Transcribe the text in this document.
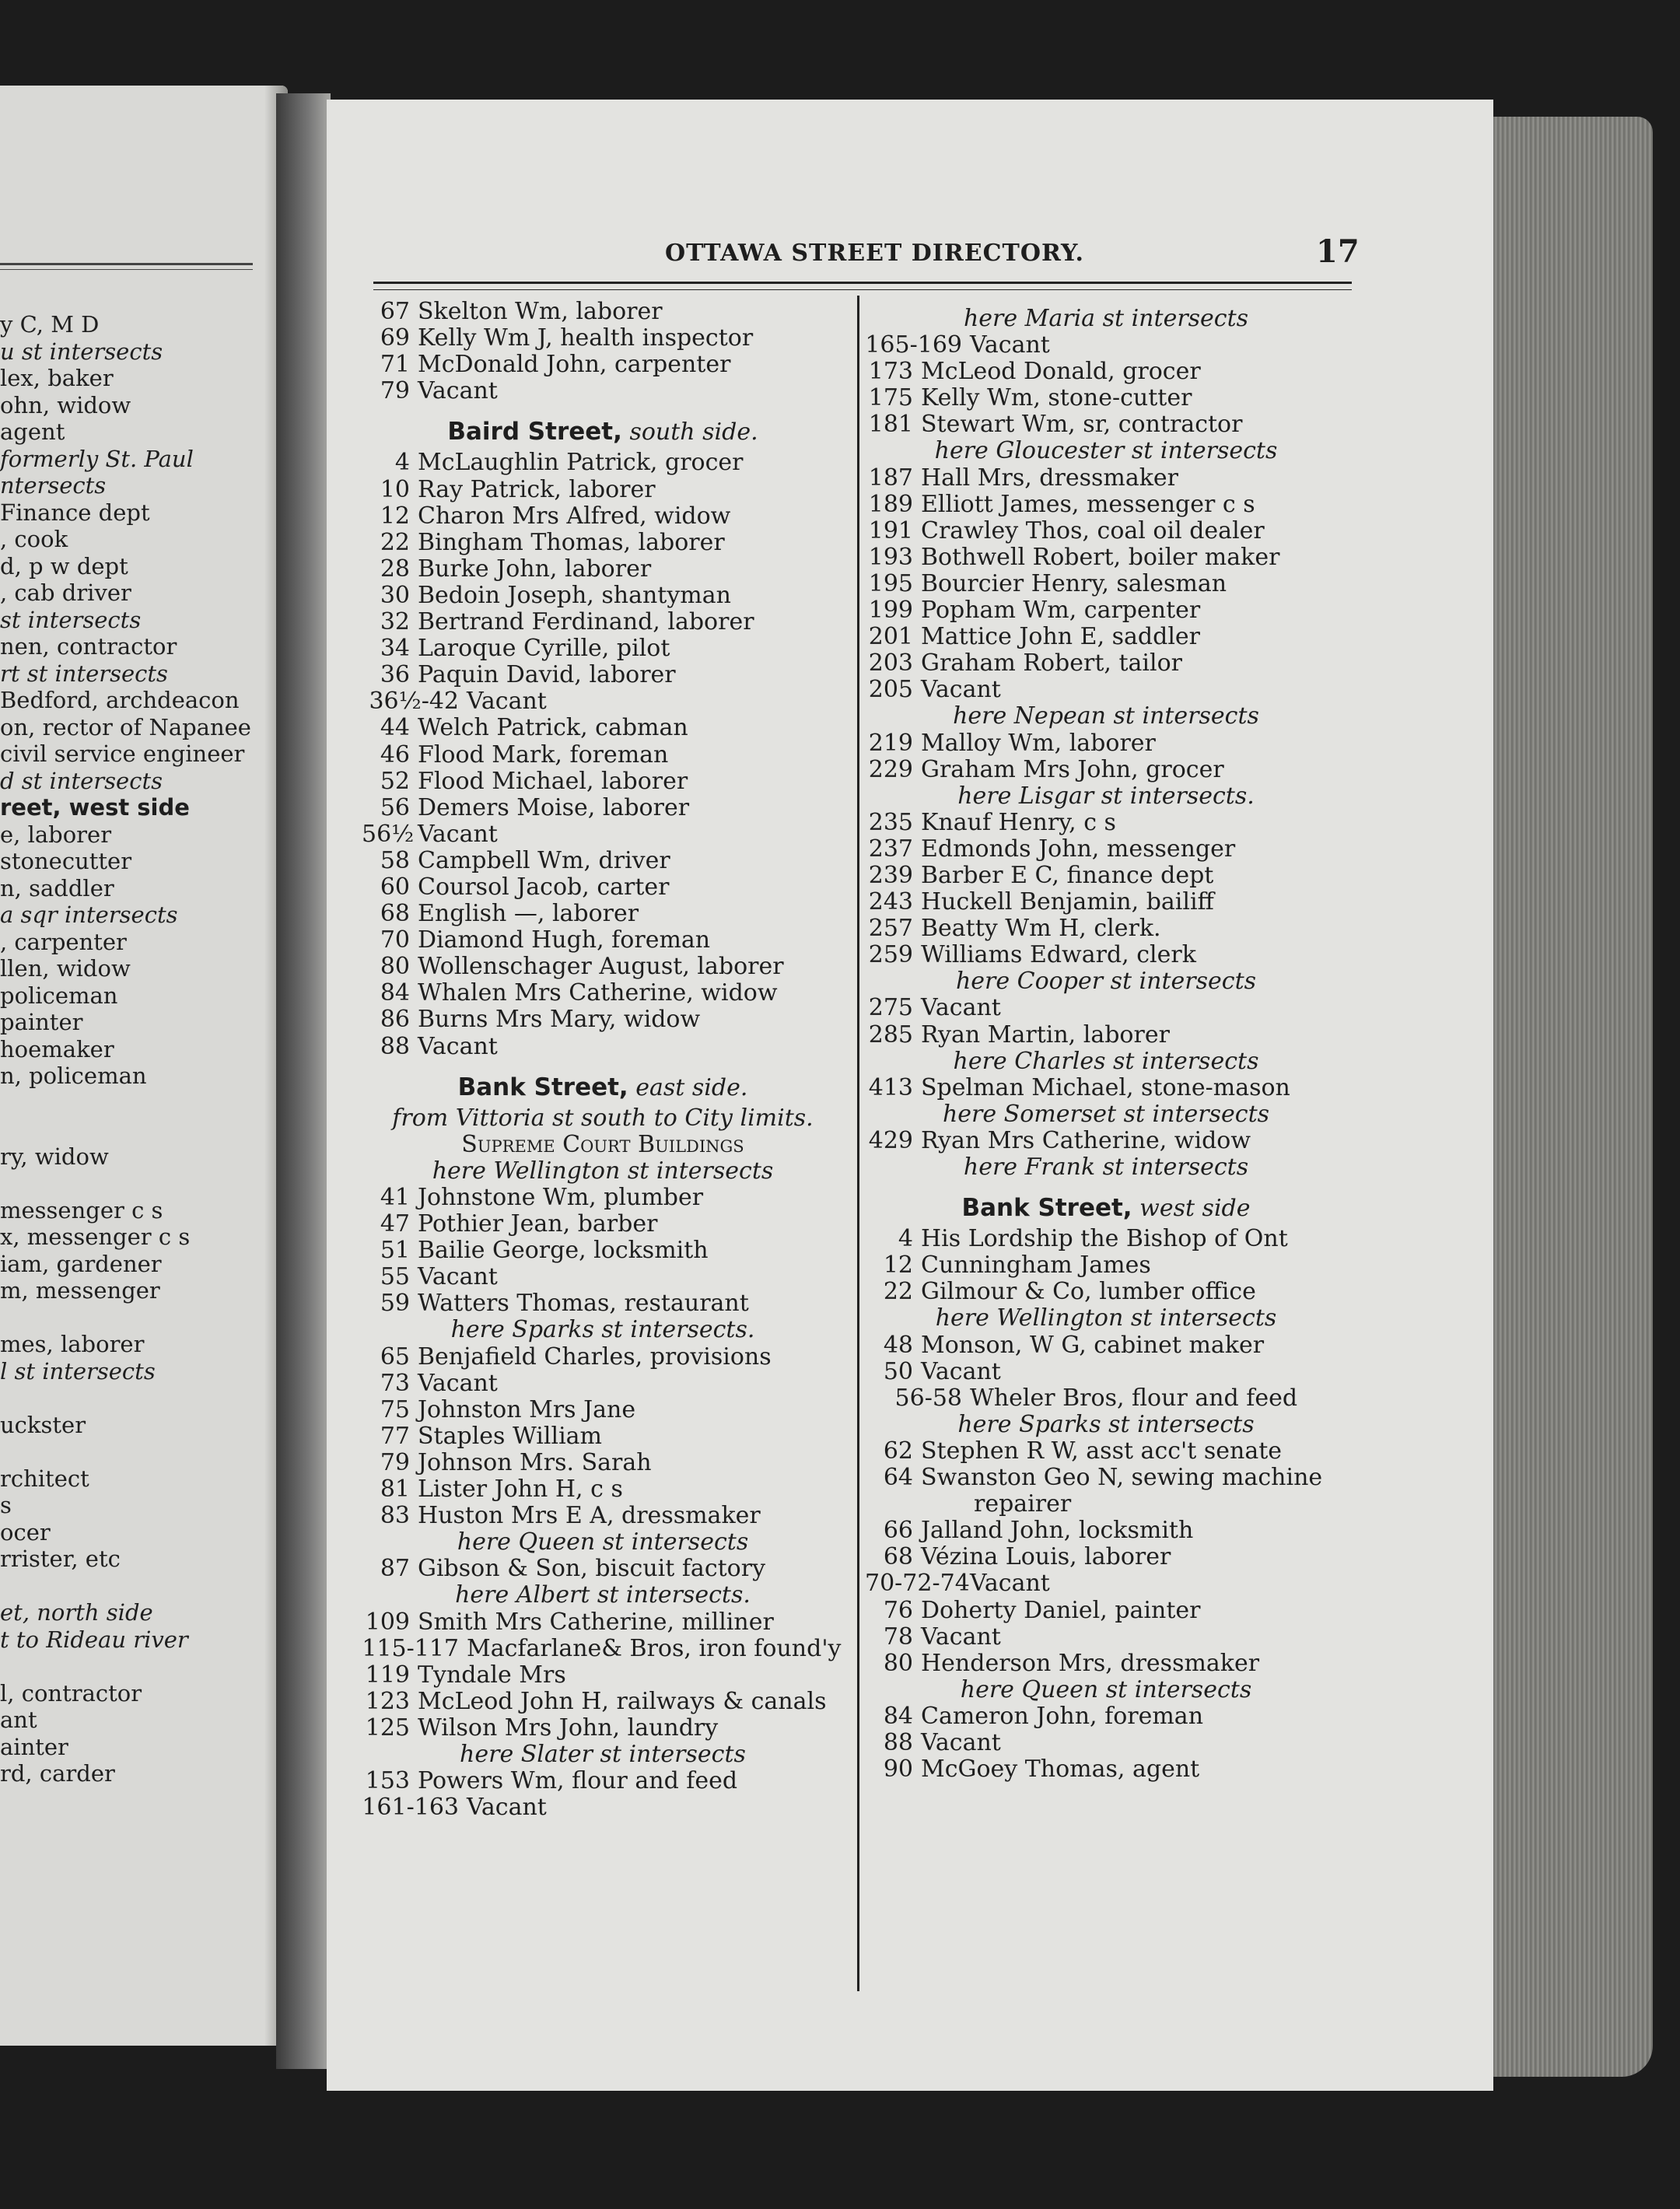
y C, M D
u st intersects
lex, baker
ohn, widow
agent
formerly St. Paul
ntersects
Finance dept
, cook
d, p w dept
, cab driver
st intersects
nen, contractor
rt st intersects
Bedford, archdeacon
on, rector of Napanee
civil service engineer
d st intersects
reet, west side
e, laborer
stonecutter
n, saddler
a sqr intersects
, carpenter
llen, widow
policeman
painter
hoemaker
n, policeman
ry, widow
messenger c s
x, messenger c s
iam, gardener
m, messenger
mes, laborer
l st intersects
uckster
rchitect
s
ocer
rrister, etc
et, north side
t to Rideau river
l, contractor
ant
ainter
rd, carder
OTTAWA STREET DIRECTORY.	17
67 Skelton Wm, laborer
69 Kelly Wm J, health inspector
71 McDonald John, carpenter
79 Vacant
Baird Street, south side.
4 McLaughlin Patrick, grocer
10 Ray Patrick, laborer
12 Charon Mrs Alfred, widow
22 Bingham Thomas, laborer
28 Burke John, laborer
30 Bedoin Joseph, shantyman
32 Bertrand Ferdinand, laborer
34 Laroque Cyrille, pilot
36 Paquin David, laborer
36½-42 Vacant
44 Welch Patrick, cabman
46 Flood Mark, foreman
52 Flood Michael, laborer
56 Demers Moise, laborer
56½ Vacant
58 Campbell Wm, driver
60 Coursol Jacob, carter
68 English —, laborer
70 Diamond Hugh, foreman
80 Wollenschager August, laborer
84 Whalen Mrs Catherine, widow
86 Burns Mrs Mary, widow
88 Vacant
Bank Street, east side.
from Vittoria st south to City limits.
Supreme Court Buildings
here Wellington st intersects
41 Johnstone Wm, plumber
47 Pothier Jean, barber
51 Bailie George, locksmith
55 Vacant
59 Watters Thomas, restaurant
here Sparks st intersects.
65 Benjafield Charles, provisions
73 Vacant
75 Johnston Mrs Jane
77 Staples William
79 Johnson Mrs. Sarah
81 Lister John H, c s
83 Huston Mrs E A, dressmaker
here Queen st intersects
87 Gibson & Son, biscuit factory
here Albert st intersects.
109 Smith Mrs Catherine, milliner
115-117 Macfarlane& Bros, iron found'y
119 Tyndale Mrs
123 McLeod John H, railways & canals
125 Wilson Mrs John, laundry
here Slater st intersects
153 Powers Wm, flour and feed
161-163 Vacant
here Maria st intersects
165-169 Vacant
173 McLeod Donald, grocer
175 Kelly Wm, stone-cutter
181 Stewart Wm, sr, contractor
here Gloucester st intersects
187 Hall Mrs, dressmaker
189 Elliott James, messenger c s
191 Crawley Thos, coal oil dealer
193 Bothwell Robert, boiler maker
195 Bourcier Henry, salesman
199 Popham Wm, carpenter
201 Mattice John E, saddler
203 Graham Robert, tailor
205 Vacant
here Nepean st intersects
219 Malloy Wm, laborer
229 Graham Mrs John, grocer
here Lisgar st intersects.
235 Knauf Henry, c s
237 Edmonds John, messenger
239 Barber E C, finance dept
243 Huckell Benjamin, bailiff
257 Beatty Wm H, clerk.
259 Williams Edward, clerk
here Cooper st intersects
275 Vacant
285 Ryan Martin, laborer
here Charles st intersects
413 Spelman Michael, stone-mason
here Somerset st intersects
429 Ryan Mrs Catherine, widow
here Frank st intersects
Bank Street, west side
4 His Lordship the Bishop of Ont
12 Cunningham James
22 Gilmour & Co, lumber office
here Wellington st intersects
48 Monson, W G, cabinet maker
50 Vacant
56-58 Wheler Bros, flour and feed
here Sparks st intersects
62 Stephen R W, asst acc't senate
64 Swanston Geo N, sewing machine
repairer
66 Jalland John, locksmith
68 Vézina Louis, laborer
70-72-74Vacant
76 Doherty Daniel, painter
78 Vacant
80 Henderson Mrs, dressmaker
here Queen st intersects
84 Cameron John, foreman
88 Vacant
90 McGoey Thomas, agent
